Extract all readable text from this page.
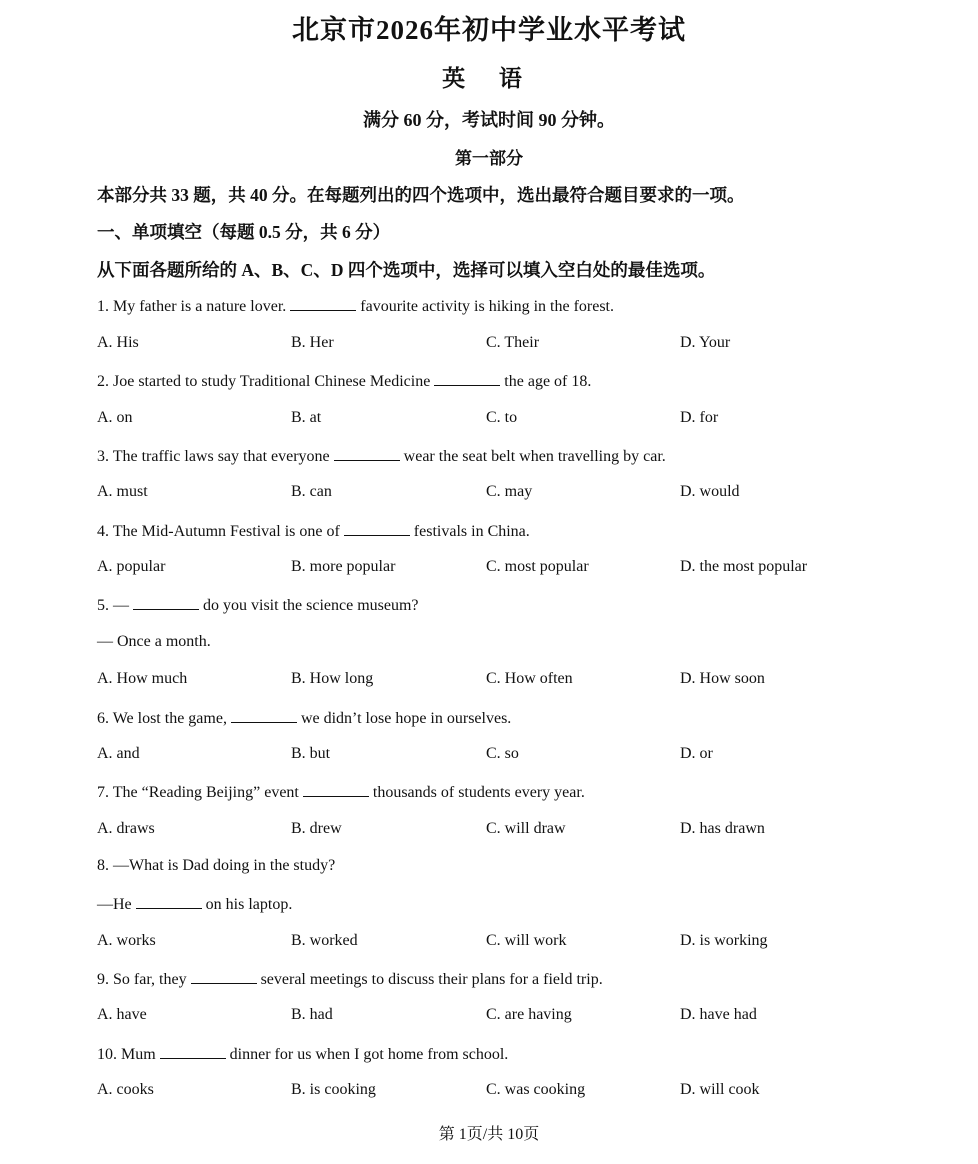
北京市2026年初中学业水平考试
英 语
满分 60 分，考试时间 90 分钟。
第一部分
本部分共 33 题，共 40 分。在每题列出的四个选项中，选出最符合题目要求的一项。
一、单项填空（每题 0.5 分，共 6 分）
从下面各题所给的 A、B、C、D 四个选项中，选择可以填入空白处的最佳选项。
1. My father is a nature lover.	favourite activity is hiking in the forest.
A. His	B. Her	C. Their	D. Your
2. Joe started to study Traditional Chinese Medicine	the age of 18.
A. on	B. at	C. to	D. for
3. The traffic laws say that everyone	wear the seat belt when travelling by car.
A. must	B. can	C. may	D. would
4. The Mid-Autumn Festival is one of	festivals in China.
A. popular	B. more popular	C. most popular	D. the most popular
5. —	do you visit the science museum?
— Once a month.
A. How much	B. How long	C. How often	D. How soon
6. We lost the game,	we didn’t lose hope in ourselves.
A. and	B. but	C. so	D. or
7. The “Reading Beijing” event	thousands of students every year.
A. draws	B. drew	C. will draw	D. has drawn
8. —What is Dad doing in the study?
—He	on his laptop.
A. works	B. worked	C. will work	D. is working
9. So far, they	several meetings to discuss their plans for a field trip.
A. have	B. had	C. are having	D. have had
10. Mum	dinner for us when I got home from school.
A. cooks	B. is cooking	C. was cooking	D. will cook
第 1页/共 10页
